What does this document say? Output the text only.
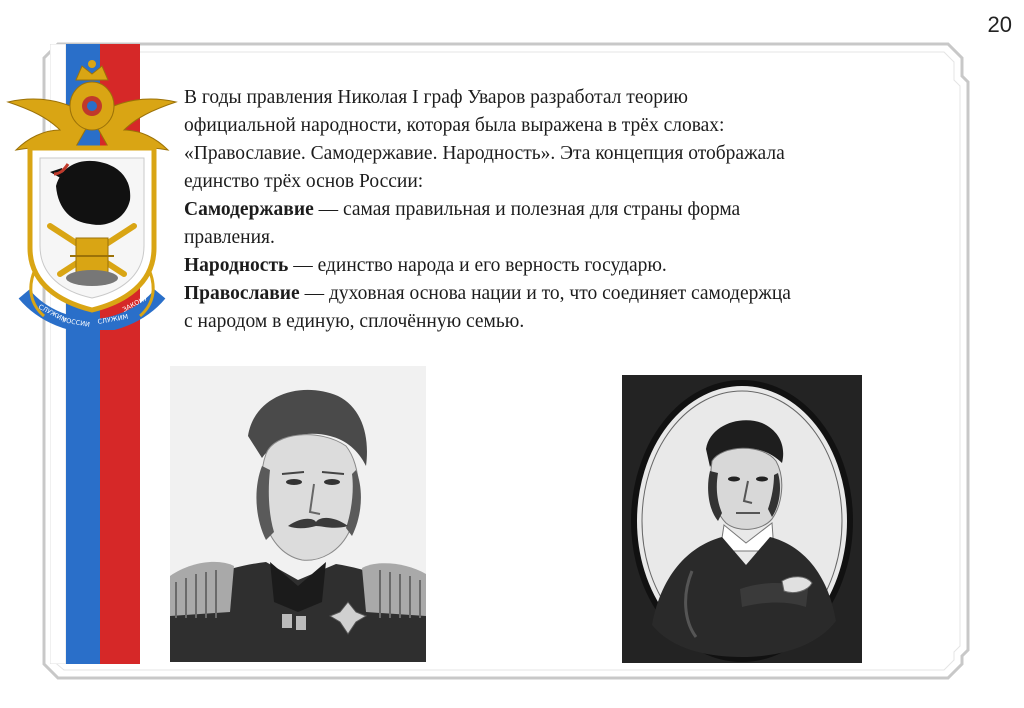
СЛУЖИМ
РОССИИ СЛУЖИМ
ЗАКОНУ
20

В годы правления Николая I граф Уваров разработал теорию официальной народности, которая была выражена в трёх словах: «Православие. Самодержавие. Народность». Эта концепция отображала единство трёх основ России:

Самодержавие — самая правильная и полезная для страны форма правления.

Народность — единство народа и его верность государю.

Православие — духовная основа нации и то, что соединяет самодержца с народом в единую, сплочённую семью.
